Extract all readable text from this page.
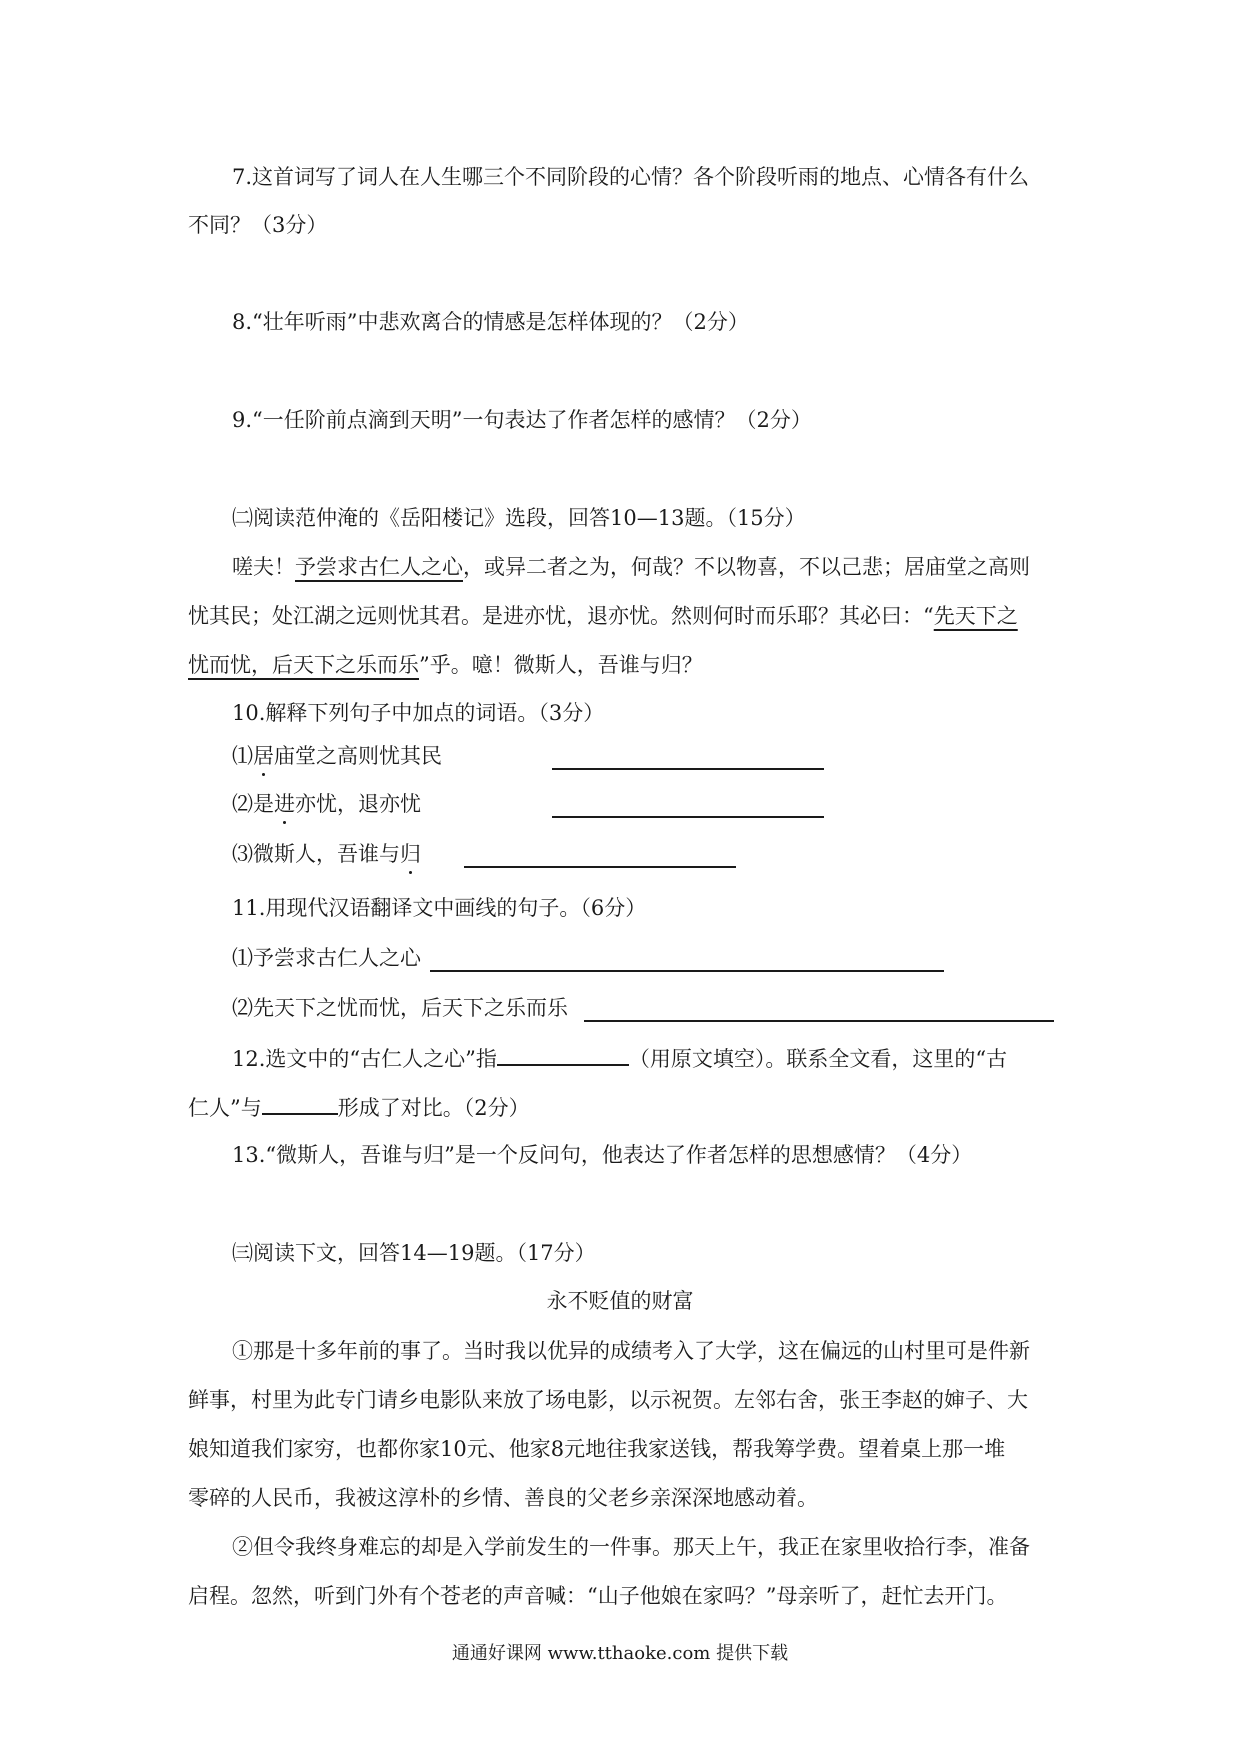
7.这首词写了词人在人生哪三个不同阶段的心情？各个阶段听雨的地点、心情各有什么
不同？（3分）
8.“壮年听雨”中悲欢离合的情感是怎样体现的？（2分）
9.“一任阶前点滴到天明”一句表达了作者怎样的感情？（2分）
㈡阅读范仲淹的《岳阳楼记》选段，回答10—13题。（15分）
嗟夫！予尝求古仁人之心，或异二者之为，何哉？不以物喜，不以己悲；居庙堂之高则
忧其民；处江湖之远则忧其君。是进亦忧，退亦忧。然则何时而乐耶？其必曰：“先天下之
忧而忧，后天下之乐而乐”乎。噫！微斯人，吾谁与归？
10.解释下列句子中加点的词语。（3分）
⑴居庙堂之高则忧其民
⑵是进亦忧，退亦忧
⑶微斯人，吾谁与归
11.用现代汉语翻译文中画线的句子。（6分）
⑴予尝求古仁人之心
⑵先天下之忧而忧，后天下之乐而乐
12.选文中的“古仁人之心”指	（用原文填空）。联系全文看，这里的“古
仁人”与	形成了对比。（2分）
13.“微斯人，吾谁与归”是一个反问句，他表达了作者怎样的思想感情？（4分）
㈢阅读下文，回答14—19题。（17分）
永不贬值的财富
①那是十多年前的事了。当时我以优异的成绩考入了大学，这在偏远的山村里可是件新
鲜事，村里为此专门请乡电影队来放了场电影，以示祝贺。左邻右舍，张王李赵的婶子、大
娘知道我们家穷，也都你家10元、他家8元地往我家送钱，帮我筹学费。望着桌上那一堆
零碎的人民币，我被这淳朴的乡情、善良的父老乡亲深深地感动着。
②但令我终身难忘的却是入学前发生的一件事。那天上午，我正在家里收拾行李，准备
启程。忽然，听到门外有个苍老的声音喊：“山子他娘在家吗？”母亲听了，赶忙去开门。
通通好课网 www.tthaoke.com 提供下载
